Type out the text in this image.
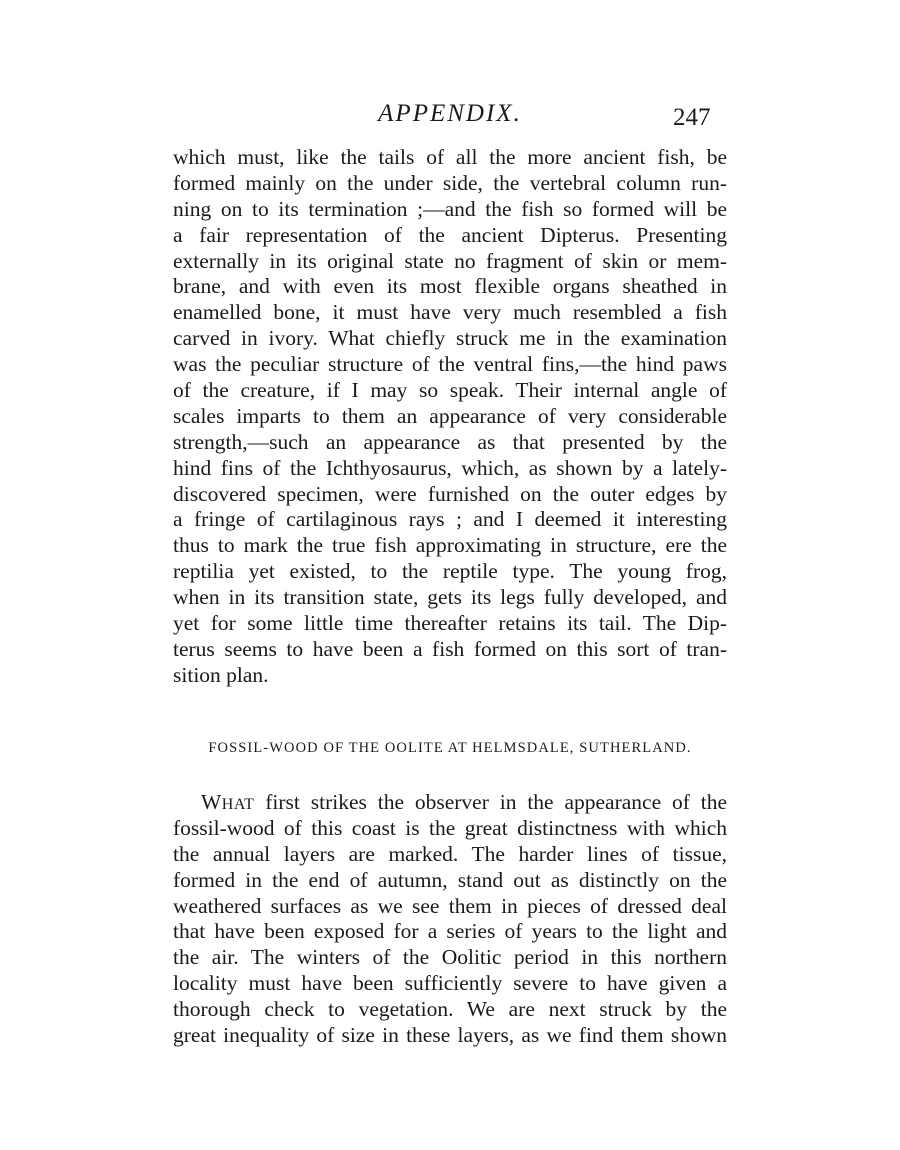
APPENDIX.	247
which must, like the tails of all the more ancient fish, be
formed mainly on the under side, the vertebral column run-
ning on to its termination ;—and the fish so formed will be
a fair representation of the ancient Dipterus. Presenting
externally in its original state no fragment of skin or mem-
brane, and with even its most flexible organs sheathed in
enamelled bone, it must have very much resembled a fish
carved in ivory. What chiefly struck me in the examination
was the peculiar structure of the ventral fins,—the hind paws
of the creature, if I may so speak. Their internal angle of
scales imparts to them an appearance of very considerable
strength,—such an appearance as that presented by the
hind fins of the Ichthyosaurus, which, as shown by a lately-
discovered specimen, were furnished on the outer edges by
a fringe of cartilaginous rays ; and I deemed it interesting
thus to mark the true fish approximating in structure, ere the
reptilia yet existed, to the reptile type. The young frog,
when in its transition state, gets its legs fully developed, and
yet for some little time thereafter retains its tail. The Dip-
terus seems to have been a fish formed on this sort of tran-
sition plan.
FOSSIL-WOOD OF THE OOLITE AT HELMSDALE, SUTHERLAND.
WHAT first strikes the observer in the appearance of the
fossil-wood of this coast is the great distinctness with which
the annual layers are marked. The harder lines of tissue,
formed in the end of autumn, stand out as distinctly on the
weathered surfaces as we see them in pieces of dressed deal
that have been exposed for a series of years to the light and
the air. The winters of the Oolitic period in this northern
locality must have been sufficiently severe to have given a
thorough check to vegetation. We are next struck by the
great inequality of size in these layers, as we find them shown
